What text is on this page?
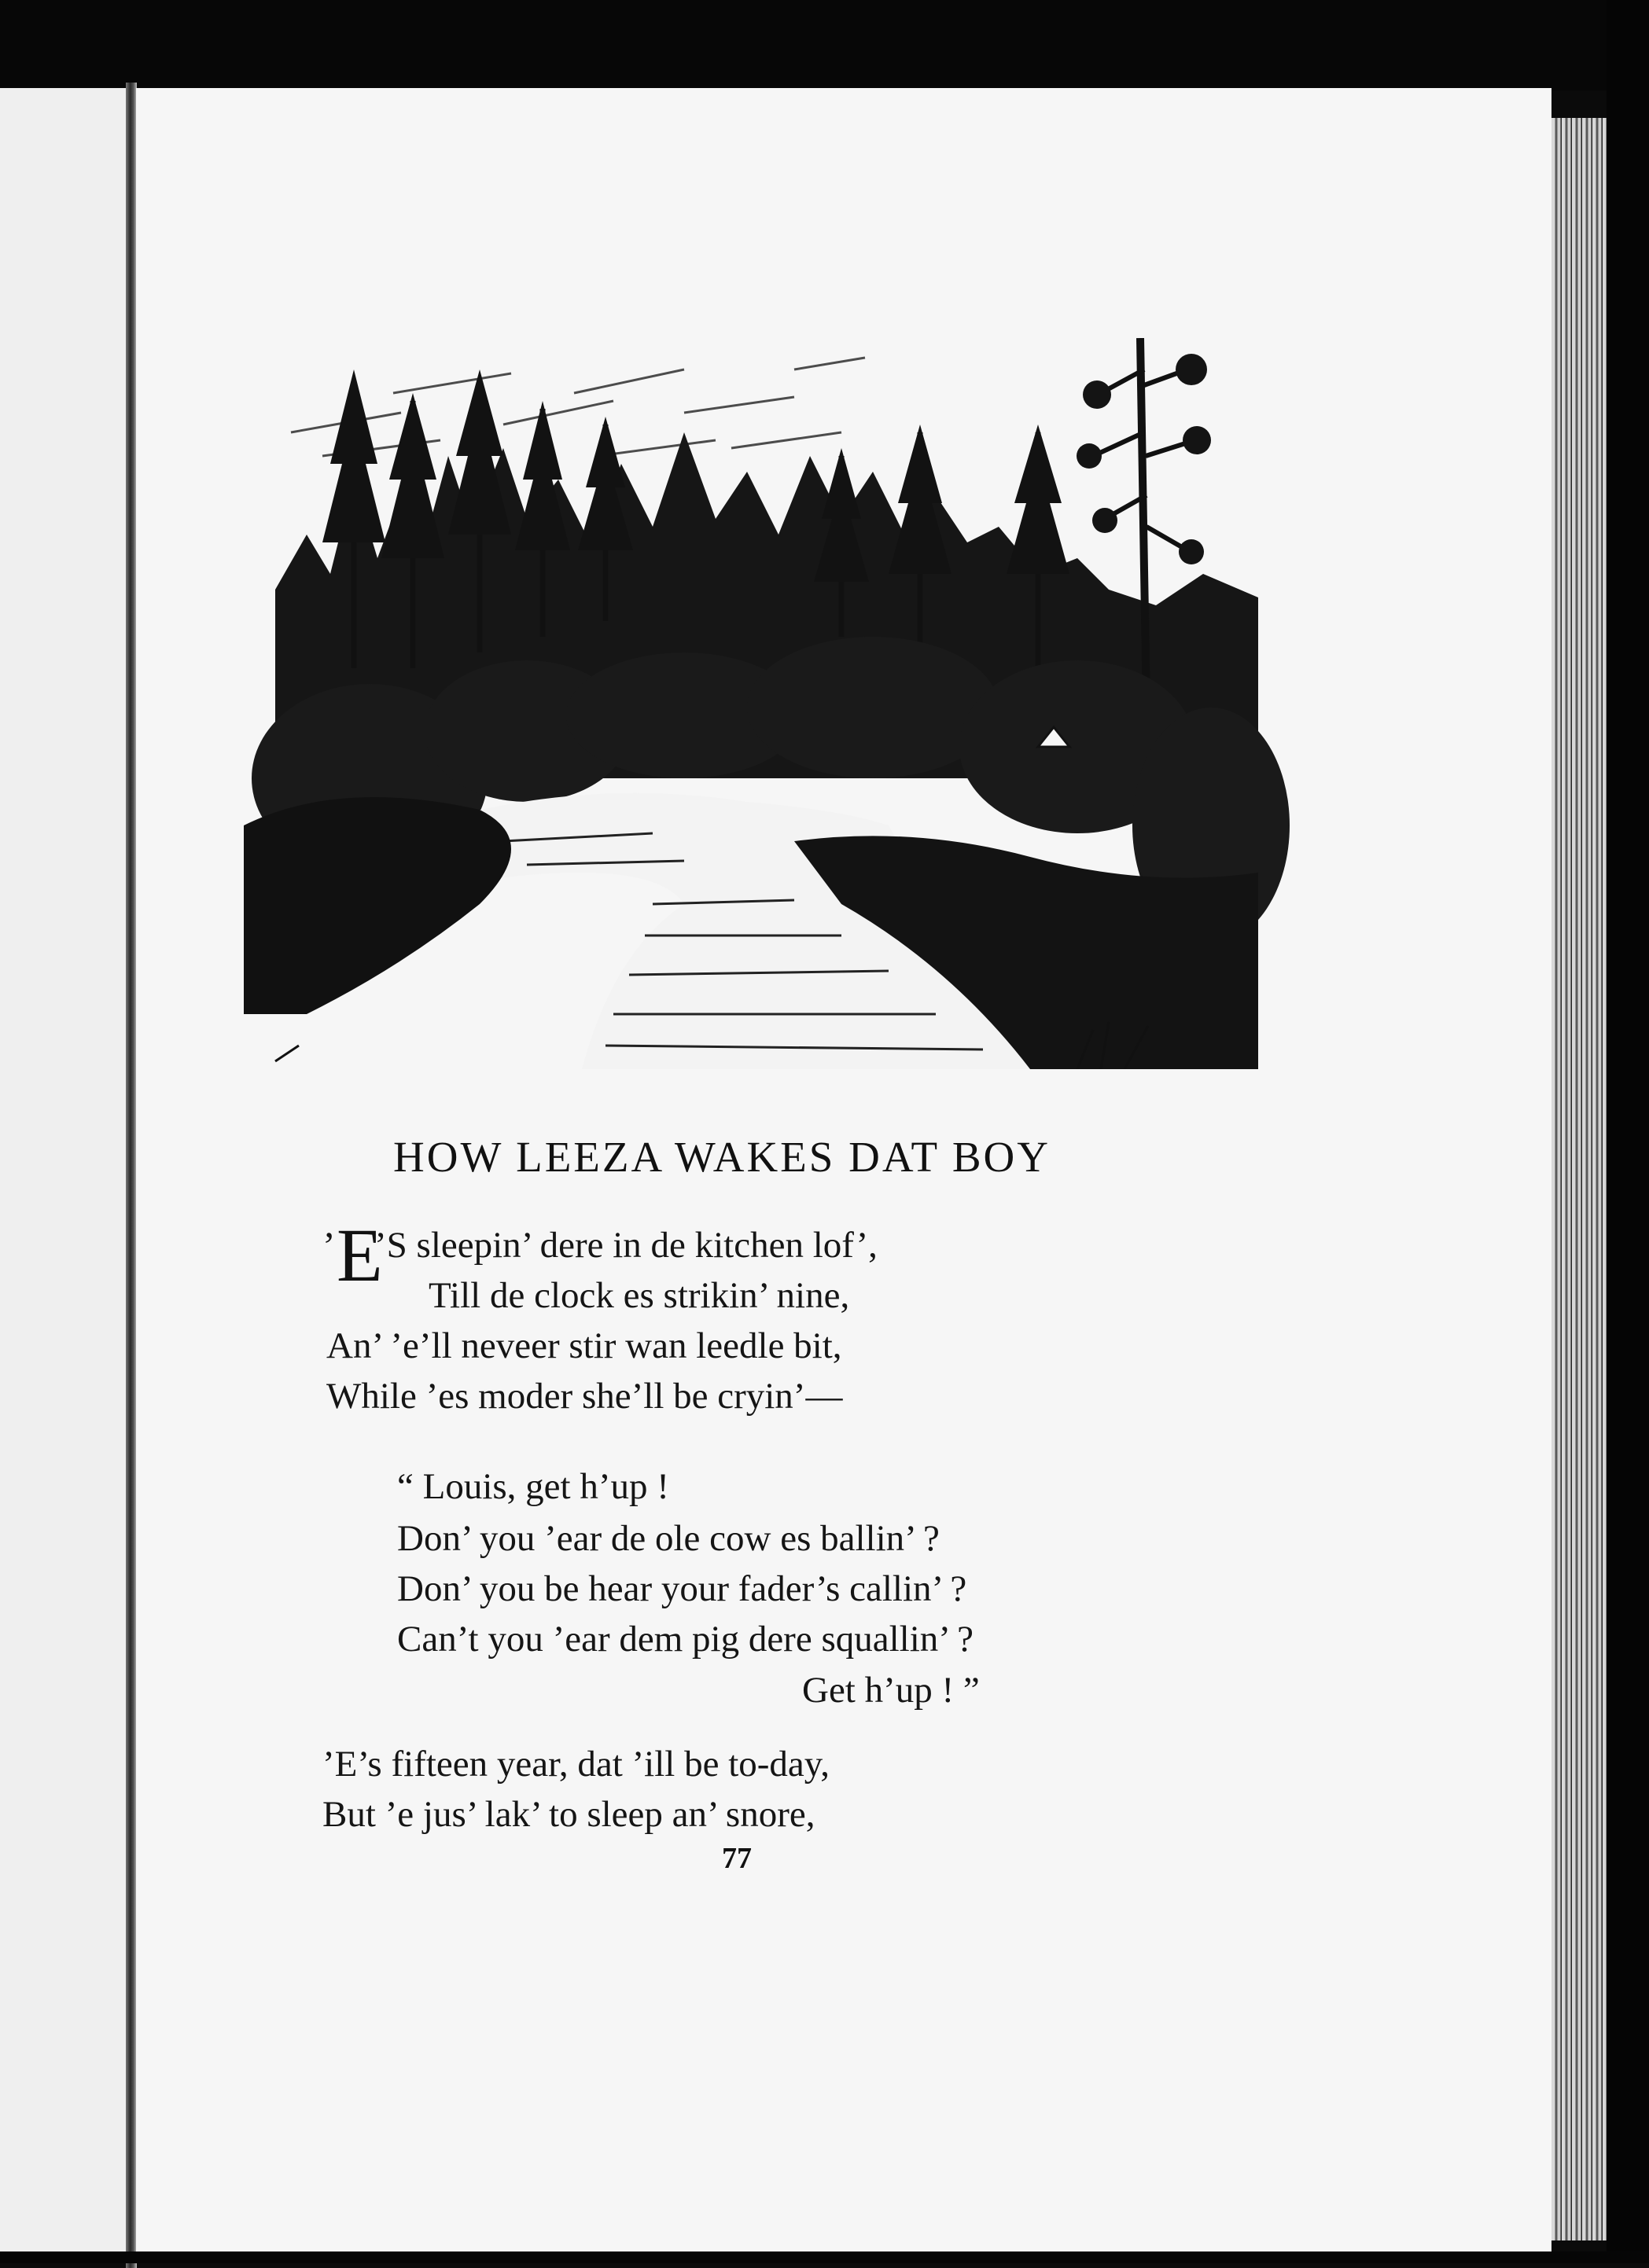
HOW LEEZA WAKES DAT BOY
’ E
’S sleepin’ dere in de kitchen lof’,
Till de clock es strikin’ nine,
An’ ’e’ll neveer stir wan leedle bit,
While ’es moder she’ll be cryin’—
“ Louis, get h’up !
Don’ you ’ear de ole cow es ballin’ ?
Don’ you be hear your fader’s callin’ ?
Can’t you ’ear dem pig dere squallin’ ?
Get h’up ! ”
’E’s fifteen year, dat ’ill be to-day,
But ’e jus’ lak’ to sleep an’ snore,
77
